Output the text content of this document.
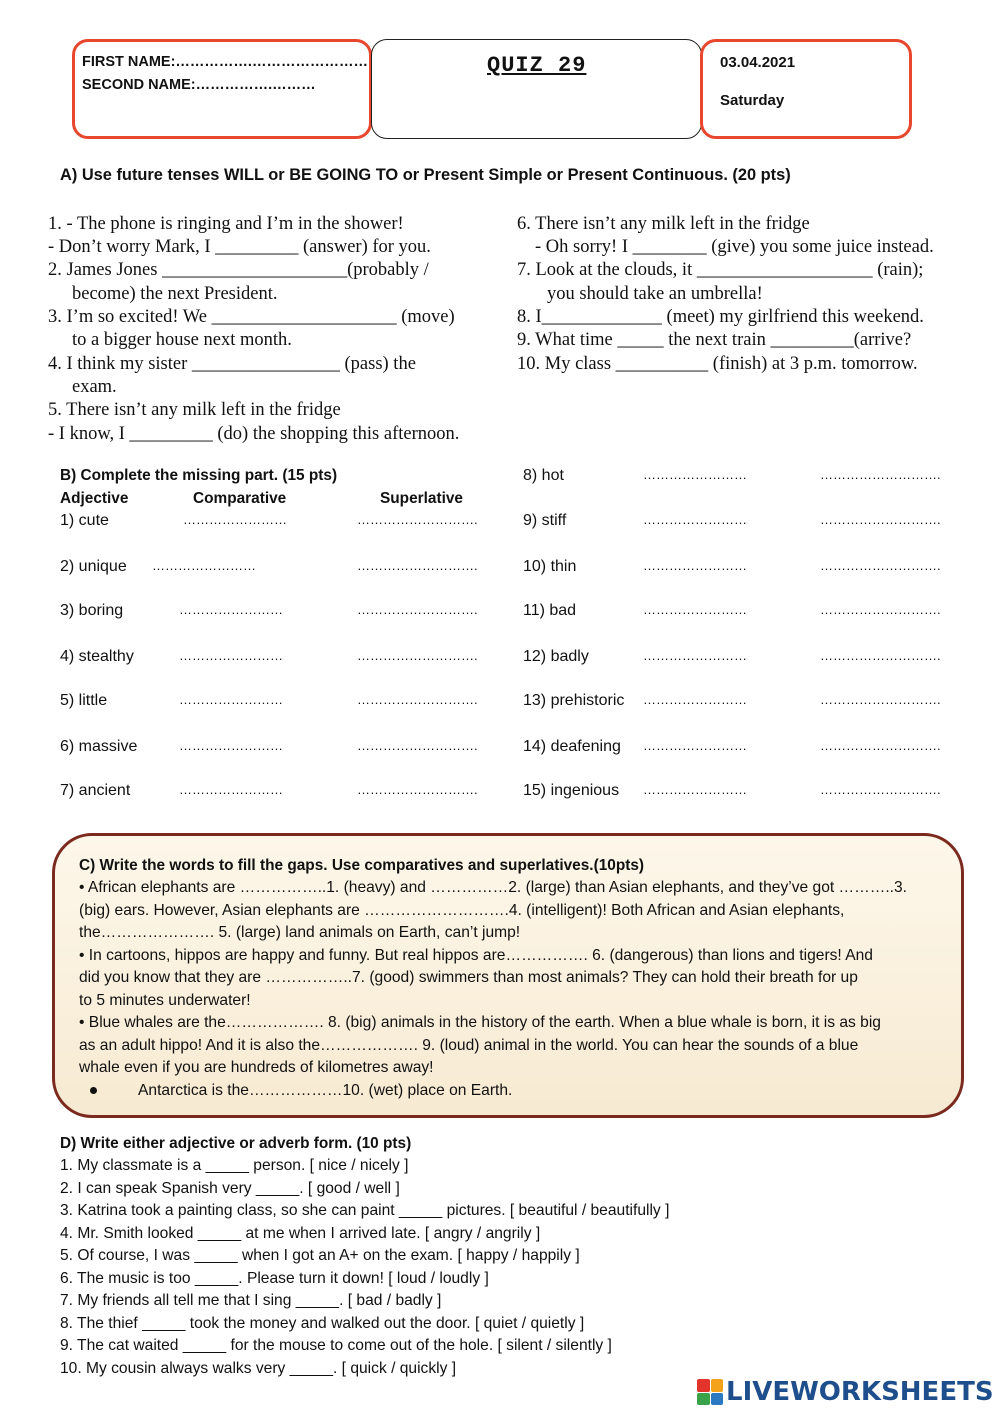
FIRST NAME:…………….……………………
SECOND NAME:…………….………
QUIZ 29	03.04.2021
Saturday
A) Use future tenses WILL or BE GOING TO or Present Simple or Present Continuous. (20 pts)
1. - The phone is ringing and I’m in the shower!
- Don’t worry Mark, I _________ (answer) for you.
2. James Jones ____________________(probably /
become) the next President.
3. I’m so excited! We ____________________ (move)
to a bigger house next month.
4. I think my sister ________________ (pass) the
exam.
5. There isn’t any milk left in the fridge
- I know, I _________ (do) the shopping this afternoon.
6. There isn’t any milk left in the fridge
- Oh sorry! I ________ (give) you some juice instead.
7. Look at the clouds, it ___________________ (rain);
you should take an umbrella!
8. I_____________ (meet) my girlfriend this weekend.
9. What time _____ the next train _________(arrive?
10. My class __________ (finish) at 3 p.m. tomorrow.
B) Complete the missing part. (15 pts)
Adjective	Comparative	Superlative
1) cute	……………………	……………………….
2) unique ……………………	……………………….
3) boring	……………………	……………………….
4) stealthy	……………………	……………………….
5) little	……………………	……………………….
6) massive	……………………	……………………….
7) ancient	……………………	……………………….
8) hot	……………………	……………………….
9) stiff	……………………	……………………….
10) thin	……………………	……………………….
11) bad	……………………	……………………….
12) badly	……………………	……………………….
13) prehistoric ……………………	……………………….
14) deafening ……………………	……………………….
15) ingenious ……………………	……………………….
C) Write the words to fill the gaps. Use comparatives and superlatives.(10pts)
• African elephants are ……………..1. (heavy) and ……………2. (large) than Asian elephants, and they’ve got ………..3.
(big) ears. However, Asian elephants are ……………………….4. (intelligent)! Both African and Asian elephants,
the…………………. 5. (large) land animals on Earth, can’t jump!
• In cartoons, hippos are happy and funny. But real hippos are……………. 6. (dangerous) than lions and tigers! And
did you know that they are ……………..7. (good) swimmers than most animals? They can hold their breath for up
to 5 minutes underwater!
• Blue whales are the………………. 8. (big) animals in the history of the earth. When a blue whale is born, it is as big
as an adult hippo! And it is also the………………. 9. (loud) animal in the world. You can hear the sounds of a blue
whale even if you are hundreds of kilometres away!
Antarctica is the………………10. (wet) place on Earth.
D) Write either adjective or adverb form. (10 pts)
1. My classmate is a _____ person. [ nice / nicely ]
2. I can speak Spanish very _____. [ good / well ]
3. Katrina took a painting class, so she can paint _____ pictures. [ beautiful / beautifully ]
4. Mr. Smith looked _____ at me when I arrived late. [ angry / angrily ]
5. Of course, I was _____ when I got an A+ on the exam. [ happy / happily ]
6. The music is too _____. Please turn it down! [ loud / loudly ]
7. My friends all tell me that I sing _____. [ bad / badly ]
8. The thief _____ took the money and walked out the door. [ quiet / quietly ]
9. The cat waited _____ for the mouse to come out of the hole. [ silent / silently ]
10. My cousin always walks very _____. [ quick / quickly ]
LIVEWORKSHEETS
